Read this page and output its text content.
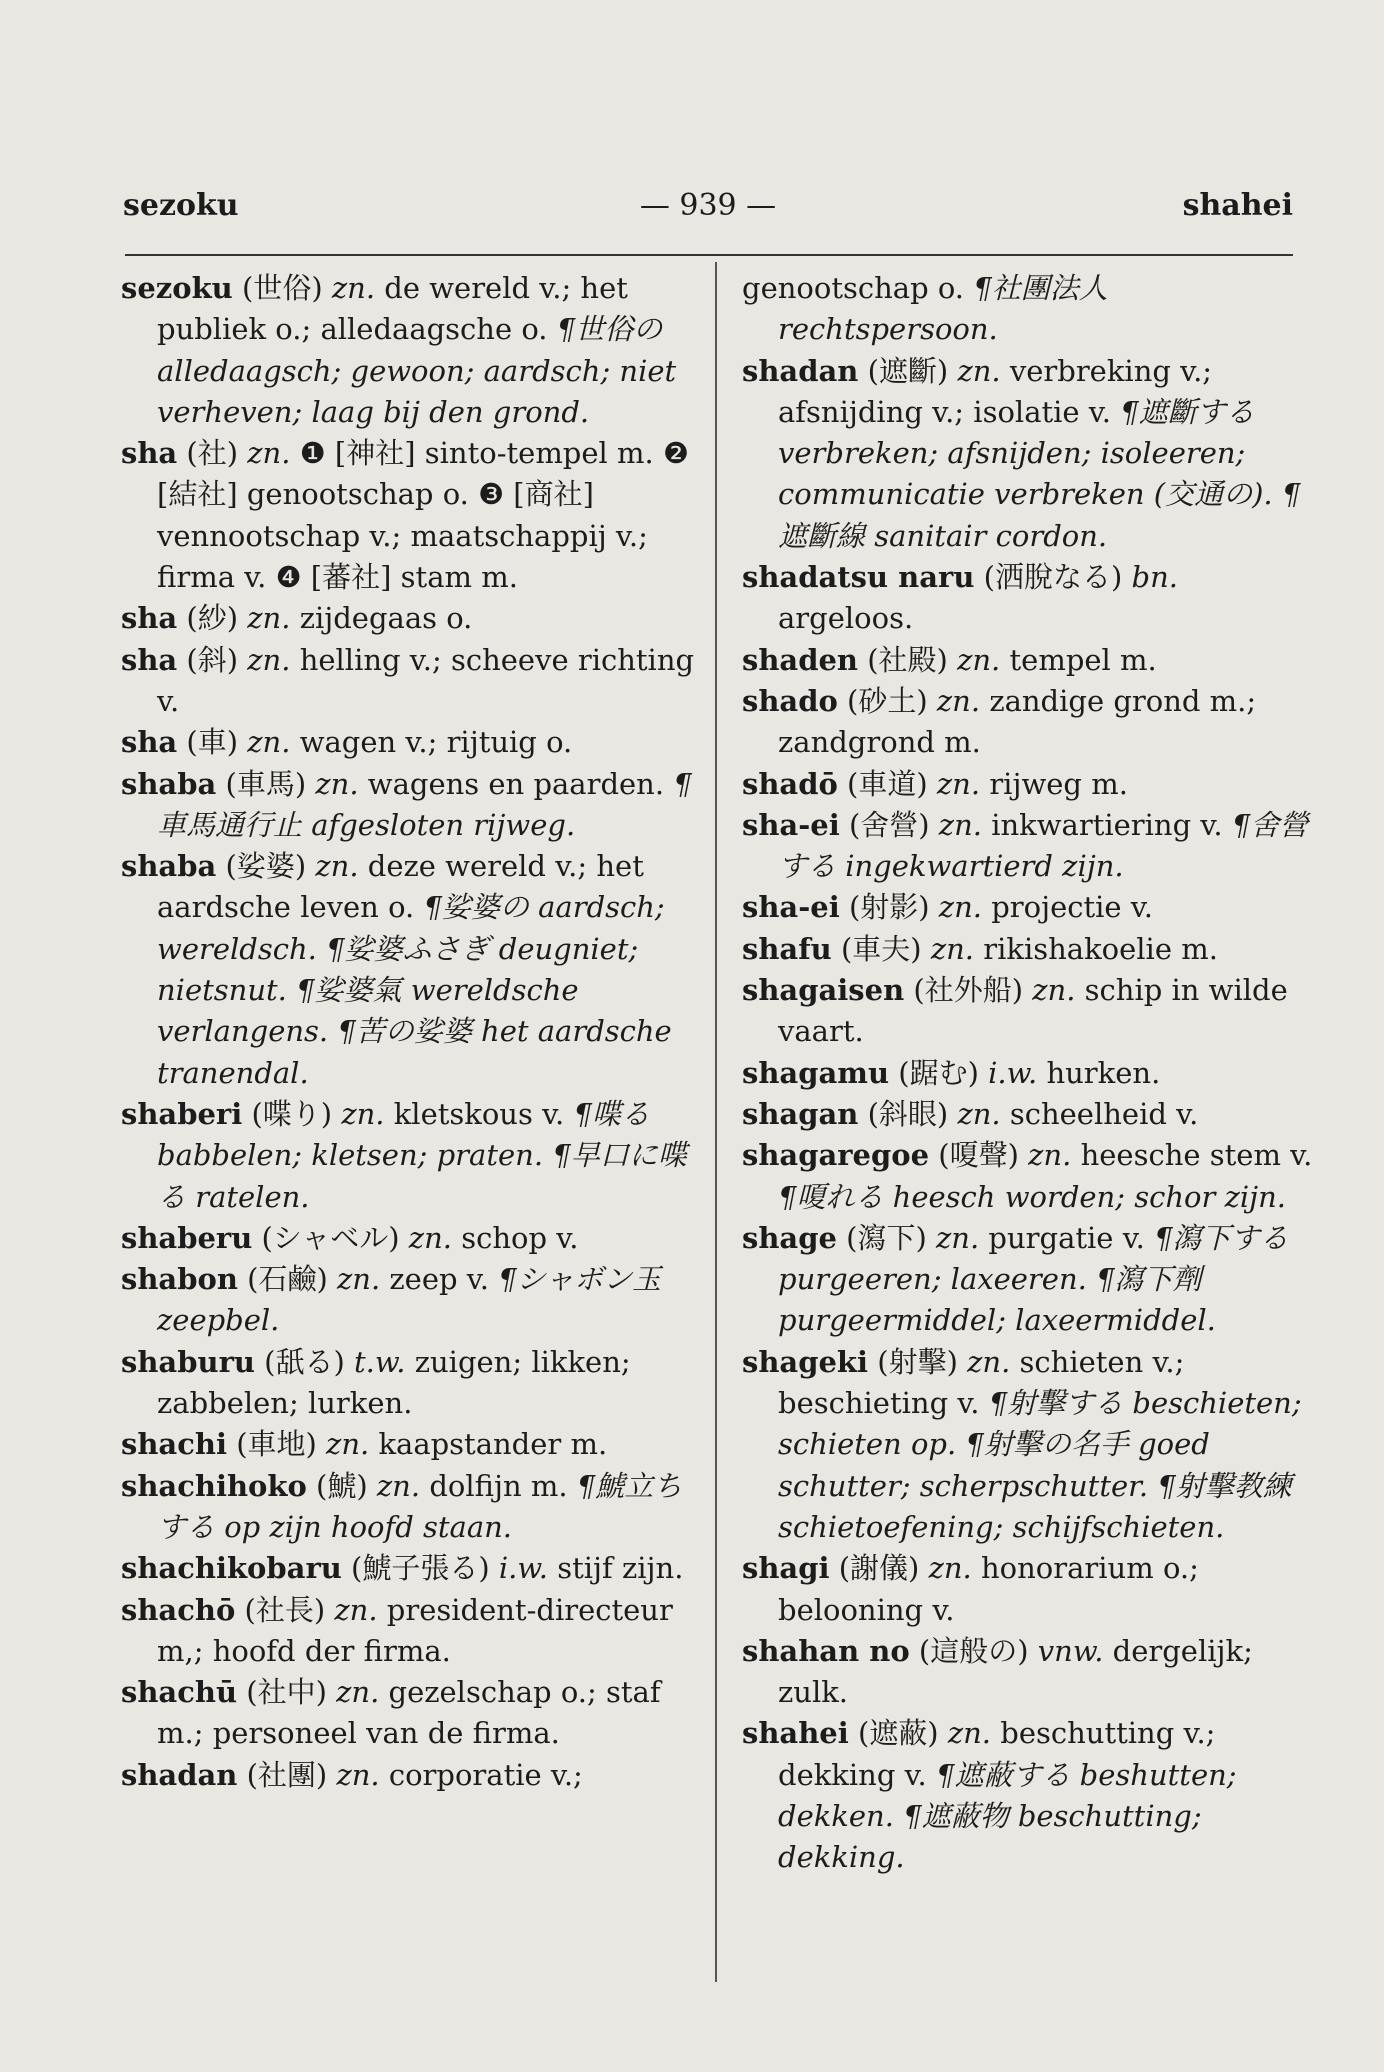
sezoku	— 939 —	shahei

sezoku (世俗) zn. de wereld v.; het publiek o.; alledaagsche o. ¶世俗の alledaagsch; gewoon; aardsch; niet verheven; laag bij den grond.

sha (社) zn. ❶ [神社] sinto-tempel m. ❷ [結社] genootschap o. ❸ [商社] vennootschap v.; maatschappij v.; firma v. ❹ [蕃社] stam m.

sha (紗) zn. zijdegaas o.

sha (斜) zn. helling v.; scheeve richting v.

sha (車) zn. wagen v.; rijtuig o.

shaba (車馬) zn. wagens en paarden. ¶車馬通行止 afgesloten rijweg.

shaba (娑婆) zn. deze wereld v.; het aardsche leven o. ¶娑婆の aardsch; wereldsch. ¶娑婆ふさぎ deugniet; nietsnut. ¶娑婆氣 wereldsche verlangens. ¶苦の娑婆 het aardsche tranendal.

shaberi (喋り) zn. kletskous v. ¶喋る babbelen; kletsen; praten. ¶早口に喋る ratelen.

shaberu (シャベル) zn. schop v.

shabon (石鹼) zn. zeep v. ¶シャボン玉 zeepbel.

shaburu (舐る) t.w. zuigen; likken; zabbelen; lurken.

shachi (車地) zn. kaapstander m.

shachihoko (鯱) zn. dolfijn m. ¶鯱立ちする op zijn hoofd staan.

shachikobaru (鯱子張る) i.w. stijf zijn.

shachō (社長) zn. president-directeur m,; hoofd der firma.

shachū (社中) zn. gezelschap o.; staf m.; personeel van de firma.

shadan (社團) zn. corporatie v.;

genootschap o. ¶社團法人 rechtspersoon.

shadan (遮斷) zn. verbreking v.; afsnijding v.; isolatie v. ¶遮斷する verbreken; afsnijden; isoleeren; communicatie verbreken (交通の). ¶遮斷線 sanitair cordon.

shadatsu naru (洒脫なる) bn. argeloos.

shaden (社殿) zn. tempel m.

shado (砂土) zn. zandige grond m.; zandgrond m.

shadō (車道) zn. rijweg m.

sha-ei (舍營) zn. inkwartiering v. ¶舍營する ingekwartierd zijn.

sha-ei (射影) zn. projectie v.

shafu (車夫) zn. rikishakoelie m.

shagaisen (社外船) zn. schip in wilde vaart.

shagamu (踞む) i.w. hurken.

shagan (斜眼) zn. scheelheid v.

shagaregoe (嗄聲) zn. heesche stem v. ¶嗄れる heesch worden; schor zijn.

shage (瀉下) zn. purgatie v. ¶瀉下する purgeeren; laxeeren. ¶瀉下劑 purgeermiddel; laxeermiddel.

shageki (射擊) zn. schieten v.; beschieting v. ¶射擊する beschieten; schieten op. ¶射擊の名手 goed schutter; scherpschutter. ¶射擊教練 schietoefening; schijfschieten.

shagi (謝儀) zn. honorarium o.; belooning v.

shahan no (這般の) vnw. dergelijk; zulk.

shahei (遮蔽) zn. beschutting v.; dekking v. ¶遮蔽する beshutten; dekken. ¶遮蔽物 beschutting; dekking.
